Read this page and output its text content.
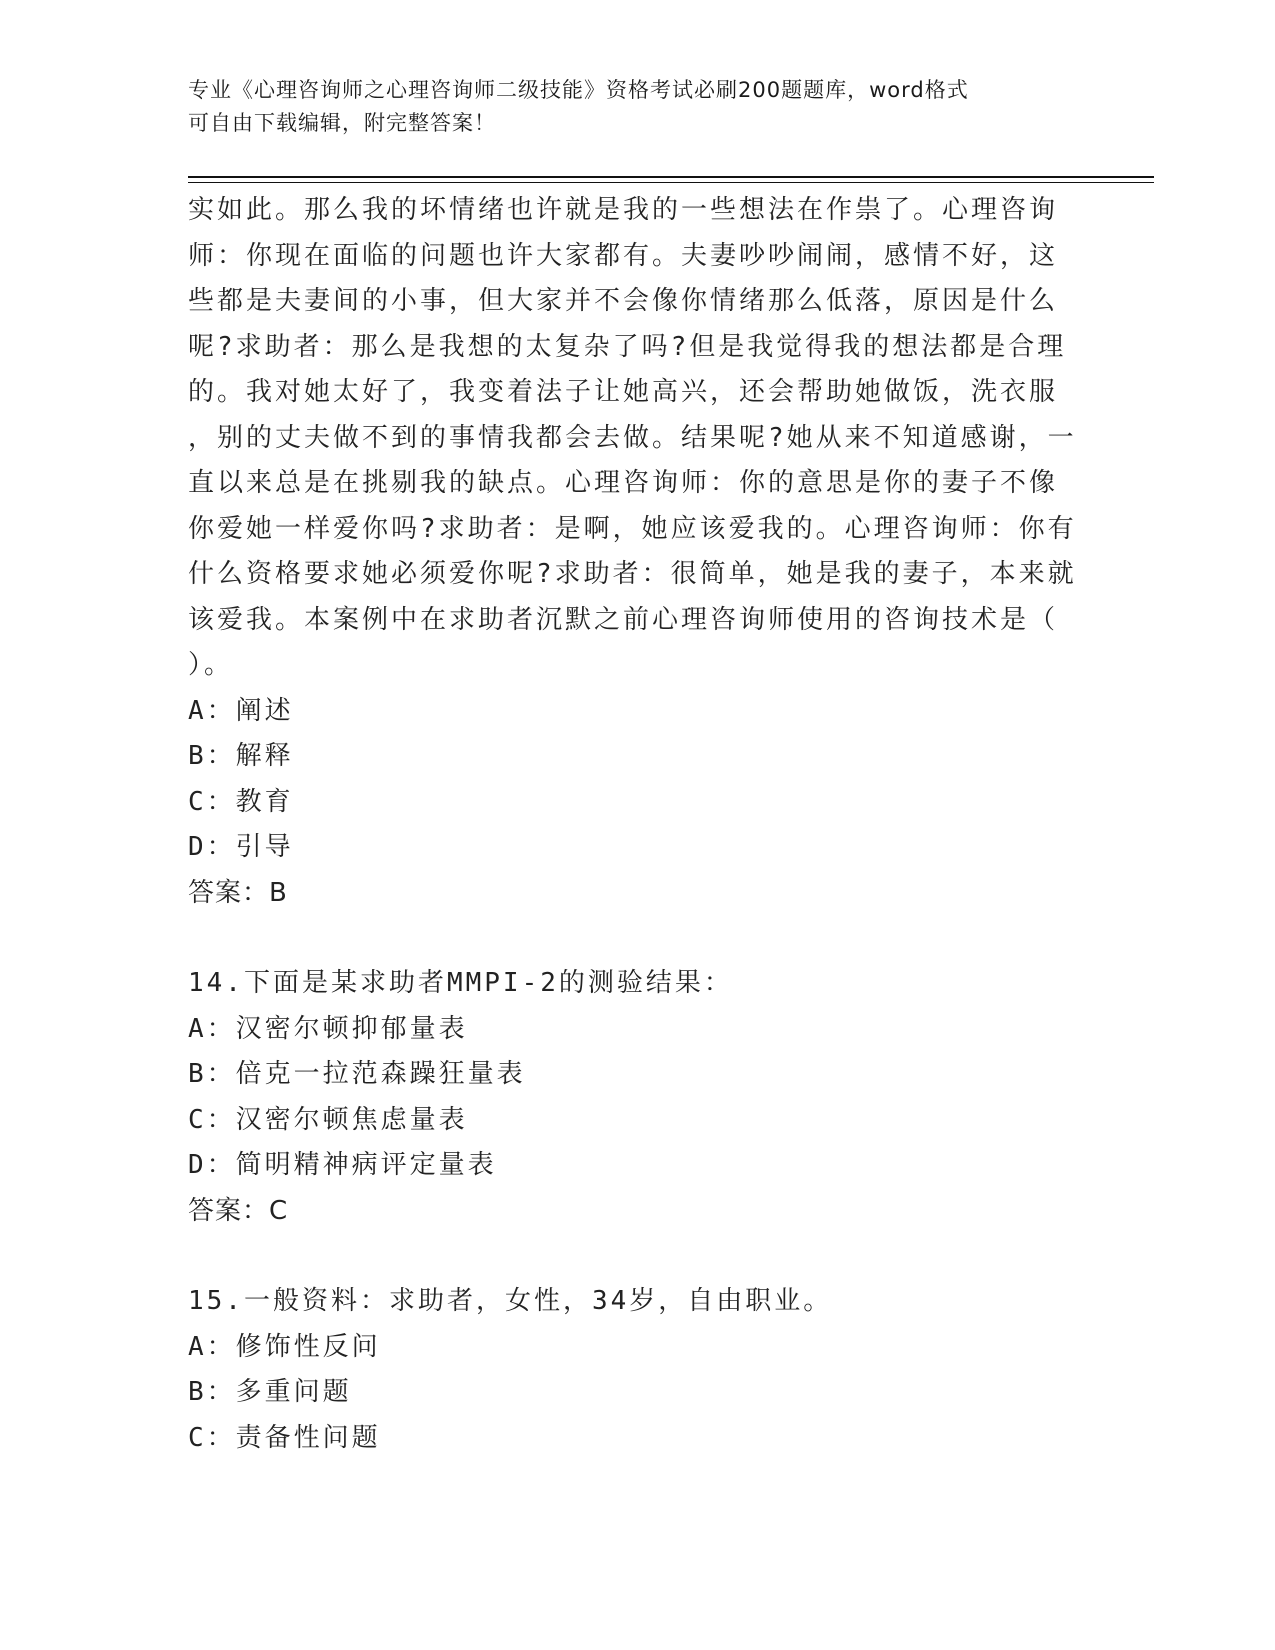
专业《心理咨询师之心理咨询师二级技能》资格考试必刷200题题库，word格式
可自由下载编辑，附完整答案！

实如此。那么我的坏情绪也许就是我的一些想法在作祟了。心理咨询

师：你现在面临的问题也许大家都有。夫妻吵吵闹闹，感情不好，这

些都是夫妻间的小事，但大家并不会像你情绪那么低落，原因是什么

呢?求助者：那么是我想的太复杂了吗?但是我觉得我的想法都是合理

的。我对她太好了，我变着法子让她高兴，还会帮助她做饭，洗衣服

，别的丈夫做不到的事情我都会去做。结果呢?她从来不知道感谢，一

直以来总是在挑剔我的缺点。心理咨询师：你的意思是你的妻子不像

你爱她一样爱你吗?求助者：是啊，她应该爱我的。心理咨询师：你有

什么资格要求她必须爱你呢?求助者：很简单，她是我的妻子，本来就

该爱我。本案例中在求助者沉默之前心理咨询师使用的咨询技术是（

）。

A：阐述

B：解释

C：教育

D：引导

答案：B

14.下面是某求助者MMPI-2的测验结果：

A：汉密尔顿抑郁量表

B：倍克一拉范森躁狂量表

C：汉密尔顿焦虑量表

D：简明精神病评定量表

答案：C

15.一般资料：求助者，女性，34岁，自由职业。

A：修饰性反问

B：多重问题

C：责备性问题
